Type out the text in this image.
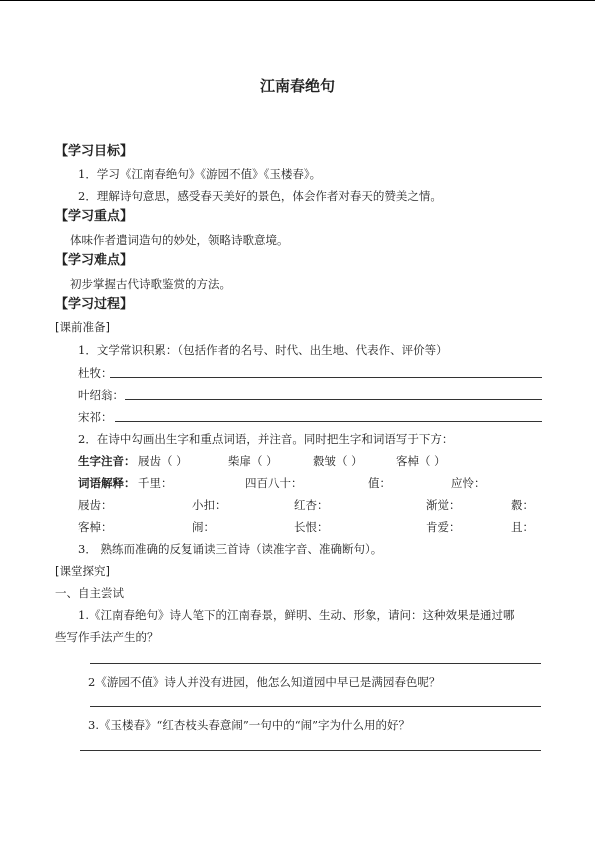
江南春绝句
【学习目标】
1．学习《江南春绝句》《游园不值》《玉楼春》。
2．理解诗句意思，感受春天美好的景色，体会作者对春天的赞美之情。
【学习重点】
体味作者遣词造句的妙处，领略诗歌意境。
【学习难点】
初步掌握古代诗歌鉴赏的方法。
【学习过程】
[课前准备]
1．文学常识积累：（包括作者的名号、时代、出生地、代表作、评价等）
杜牧：
叶绍翁：
宋祁：
2．在诗中勾画出生字和重点词语，并注音。同时把生字和词语写于下方：
生字注音： 屐齿（ ）	柴扉（ ）	縠皱（ ）	客棹（ ）
词语解释： 千里：	四百八十：	值：	应怜：
屐齿：	小扣：	红杏：	渐觉：	縠：
客棹：	闹：	长恨：	肯爱：	且：
3． 熟练而准确的反复诵读三首诗（读准字音、准确断句）。
[课堂探究]
一、自主尝试
1.《江南春绝句》诗人笔下的江南春景，鲜明、生动、形象，请问：这种效果是通过哪
些写作手法产生的？
2《游园不值》诗人并没有进园，他怎么知道园中早已是满园春色呢？
3.《玉楼春》“红杏枝头春意闹”一句中的“闹”字为什么用的好？
